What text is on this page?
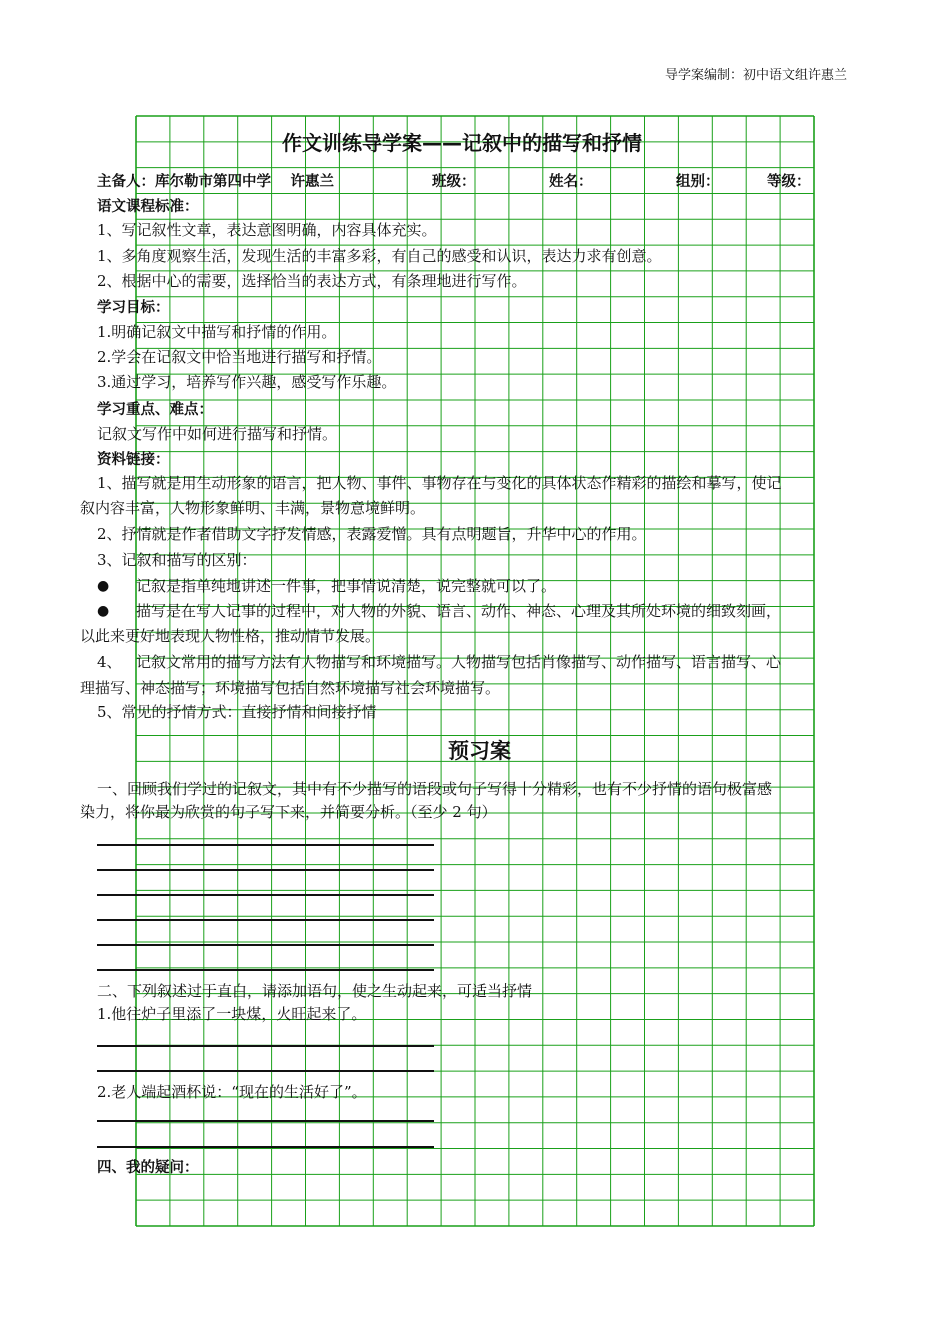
导学案编制：初中语文组许惠兰
作文训练导学案——记叙中的描写和抒情
主备人：库尔勒市第四中学　 许惠兰	班级：	姓名：	组别：	等级：
语文课程标准：
1、写记叙性文章，表达意图明确，内容具体充实。
1、多角度观察生活，发现生活的丰富多彩，有自己的感受和认识，表达力求有创意。
2、根据中心的需要，选择恰当的表达方式，有条理地进行写作。
学习目标：
1.明确记叙文中描写和抒情的作用。
2.学会在记叙文中恰当地进行描写和抒情。
3.通过学习，培养写作兴趣，感受写作乐趣。
学习重点、难点：
记叙文写作中如何进行描写和抒情。
资料链接：
1、描写就是用生动形象的语言，把人物、事件、事物存在与变化的具体状态作精彩的描绘和摹写，使记
叙内容丰富，人物形象鲜明、丰满，景物意境鲜明。
2、抒情就是作者借助文字抒发情感，表露爱憎。具有点明题旨，升华中心的作用。
3、记叙和描写的区别：
● 记叙是指单纯地讲述一件事，把事情说清楚，说完整就可以了。
● 描写是在写人记事的过程中，对人物的外貌、语言、动作、神态、心理及其所处环境的细致刻画，
以此来更好地表现人物性格，推动情节发展。
4、 记叙文常用的描写方法有人物描写和环境描写。人物描写包括肖像描写、动作描写、语言描写、心
理描写、神态描写；环境描写包括自然环境描写社会环境描写。
5、常见的抒情方式：直接抒情和间接抒情
预习案
一、回顾我们学过的记叙文，其中有不少描写的语段或句子写得十分精彩，也有不少抒情的语句极富感
染力，将你最为欣赏的句子写下来，并简要分析。（至少 2 句）
二、下列叙述过于直白，请添加语句，使之生动起来，可适当抒情
1.他往炉子里添了一块煤，火旺起来了。
2.老人端起酒杯说：“现在的生活好了”。
四、我的疑问：
